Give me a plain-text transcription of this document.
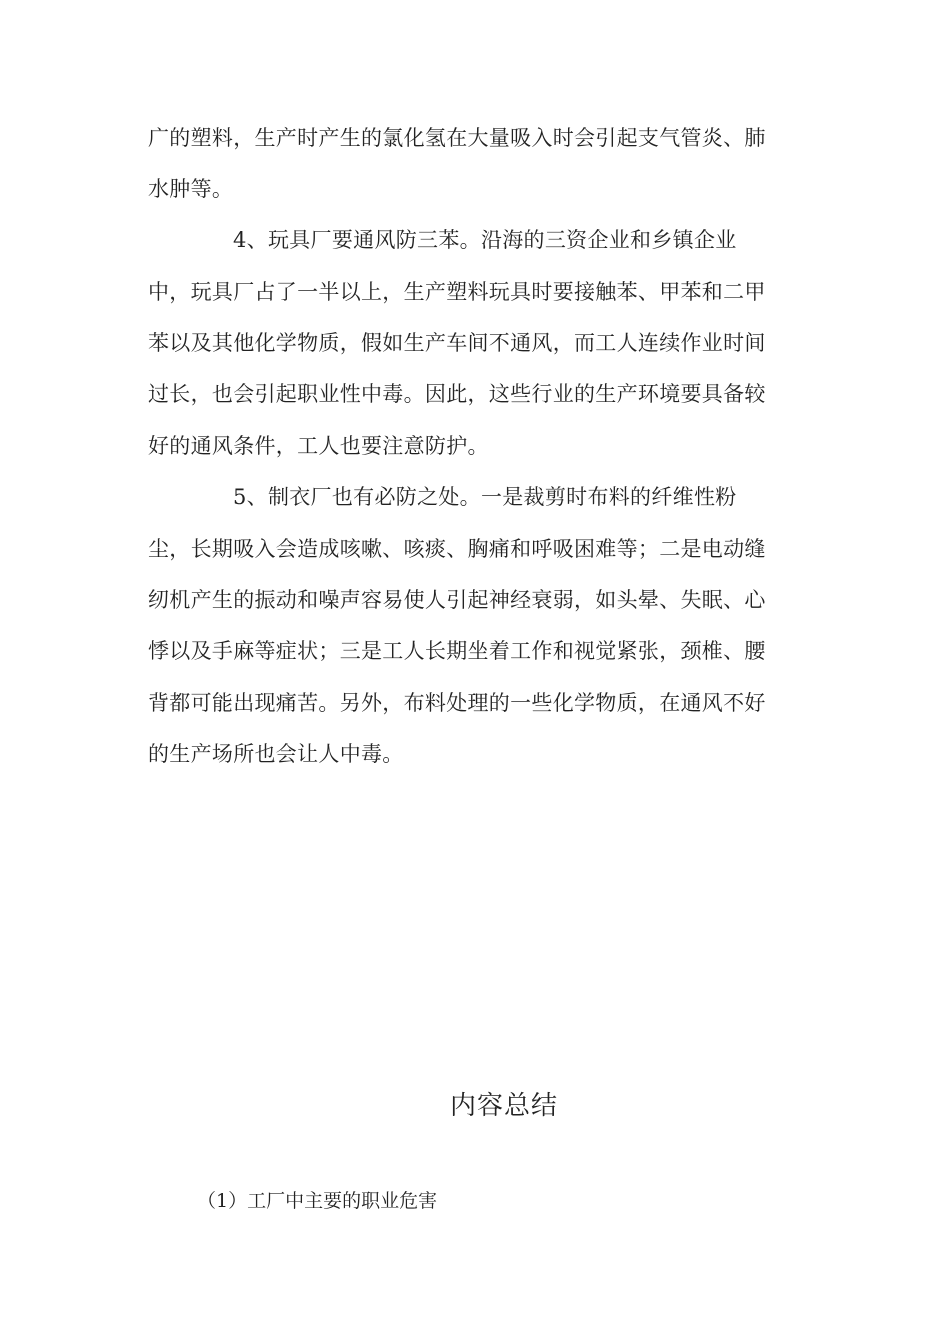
广的塑料，生产时产生的氯化氢在大量吸入时会引起支气管炎、肺
水肿等。
4、玩具厂要通风防三苯。沿海的三资企业和乡镇企业
中，玩具厂占了一半以上，生产塑料玩具时要接触苯、甲苯和二甲
苯以及其他化学物质，假如生产车间不通风，而工人连续作业时间
过长，也会引起职业性中毒。因此，这些行业的生产环境要具备较
好的通风条件，工人也要注意防护。
5、制衣厂也有必防之处。一是裁剪时布料的纤维性粉
尘，长期吸入会造成咳嗽、咳痰、胸痛和呼吸困难等；二是电动缝
纫机产生的振动和噪声容易使人引起神经衰弱，如头晕、失眠、心
悸以及手麻等症状；三是工人长期坐着工作和视觉紧张，颈椎、腰
背都可能出现痛苦。另外，布料处理的一些化学物质，在通风不好
的生产场所也会让人中毒。
内容总结
（1）工厂中主要的职业危害
